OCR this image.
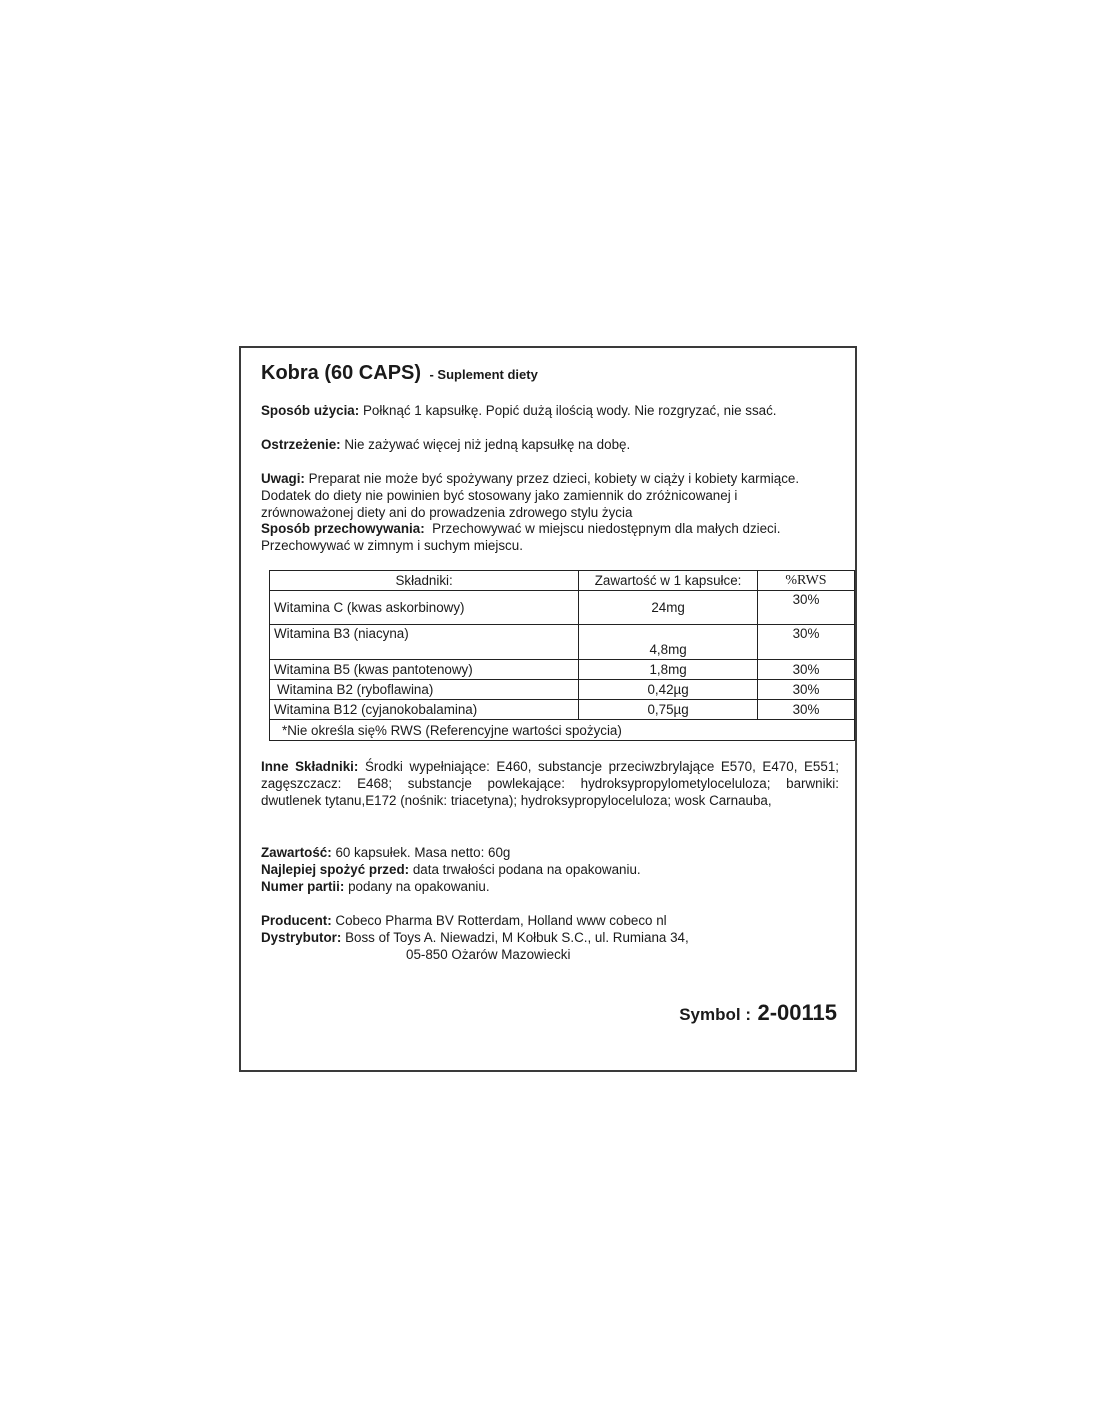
Kobra (60 CAPS) - Suplement diety
Sposób użycia: Połknąć 1 kapsułkę. Popić dużą ilością wody. Nie rozgryzać, nie ssać.
Ostrzeżenie: Nie zażywać więcej niż jedną kapsułkę na dobę.
Uwagi: Preparat nie może być spożywany przez dzieci, kobiety w ciąży i kobiety karmiące. Dodatek do diety nie powinien być stosowany jako zamiennik do zróżnicowanej i zrównoważonej diety ani do prowadzenia zdrowego stylu życia
Sposób przechowywania: Przechowywać w miejscu niedostępnym dla małych dzieci. Przechowywać w zimnym i suchym miejscu.
Składniki:	Zawartość w 1 kapsułce:	%RWS
Witamina C (kwas askorbinowy)	24mg	30%
Witamina B3 (niacyna)	4,8mg	30%
Witamina B5 (kwas pantotenowy)	1,8mg	30%
Witamina B2 (ryboflawina)	0,42µg	30%
Witamina B12 (cyjanokobalamina)	0,75µg	30%
*Nie określa się% RWS (Referencyjne wartości spożycia)		
Inne Składniki: Środki wypełniające: E460, substancje przeciwzbrylające E570, E470, E551; zagęszczacz: E468; substancje powlekające: hydroksypropylometyloceluloza; barwniki: dwutlenek tytanu,E172 (nośnik: triacetyna); hydroksypropyloceluloza; wosk Carnauba,
Zawartość: 60 kapsułek. Masa netto: 60g
Najlepiej spożyć przed: data trwałości podana na opakowaniu.
Numer partii: podany na opakowaniu.
Producent: Cobeco Pharma BV Rotterdam, Holland www cobeco nl
Dystrybutor: Boss of Toys A. Niewadzi, M Kołbuk S.C., ul. Rumiana 34,
05-850 Ożarów Mazowiecki
Symbol : 2-00115
